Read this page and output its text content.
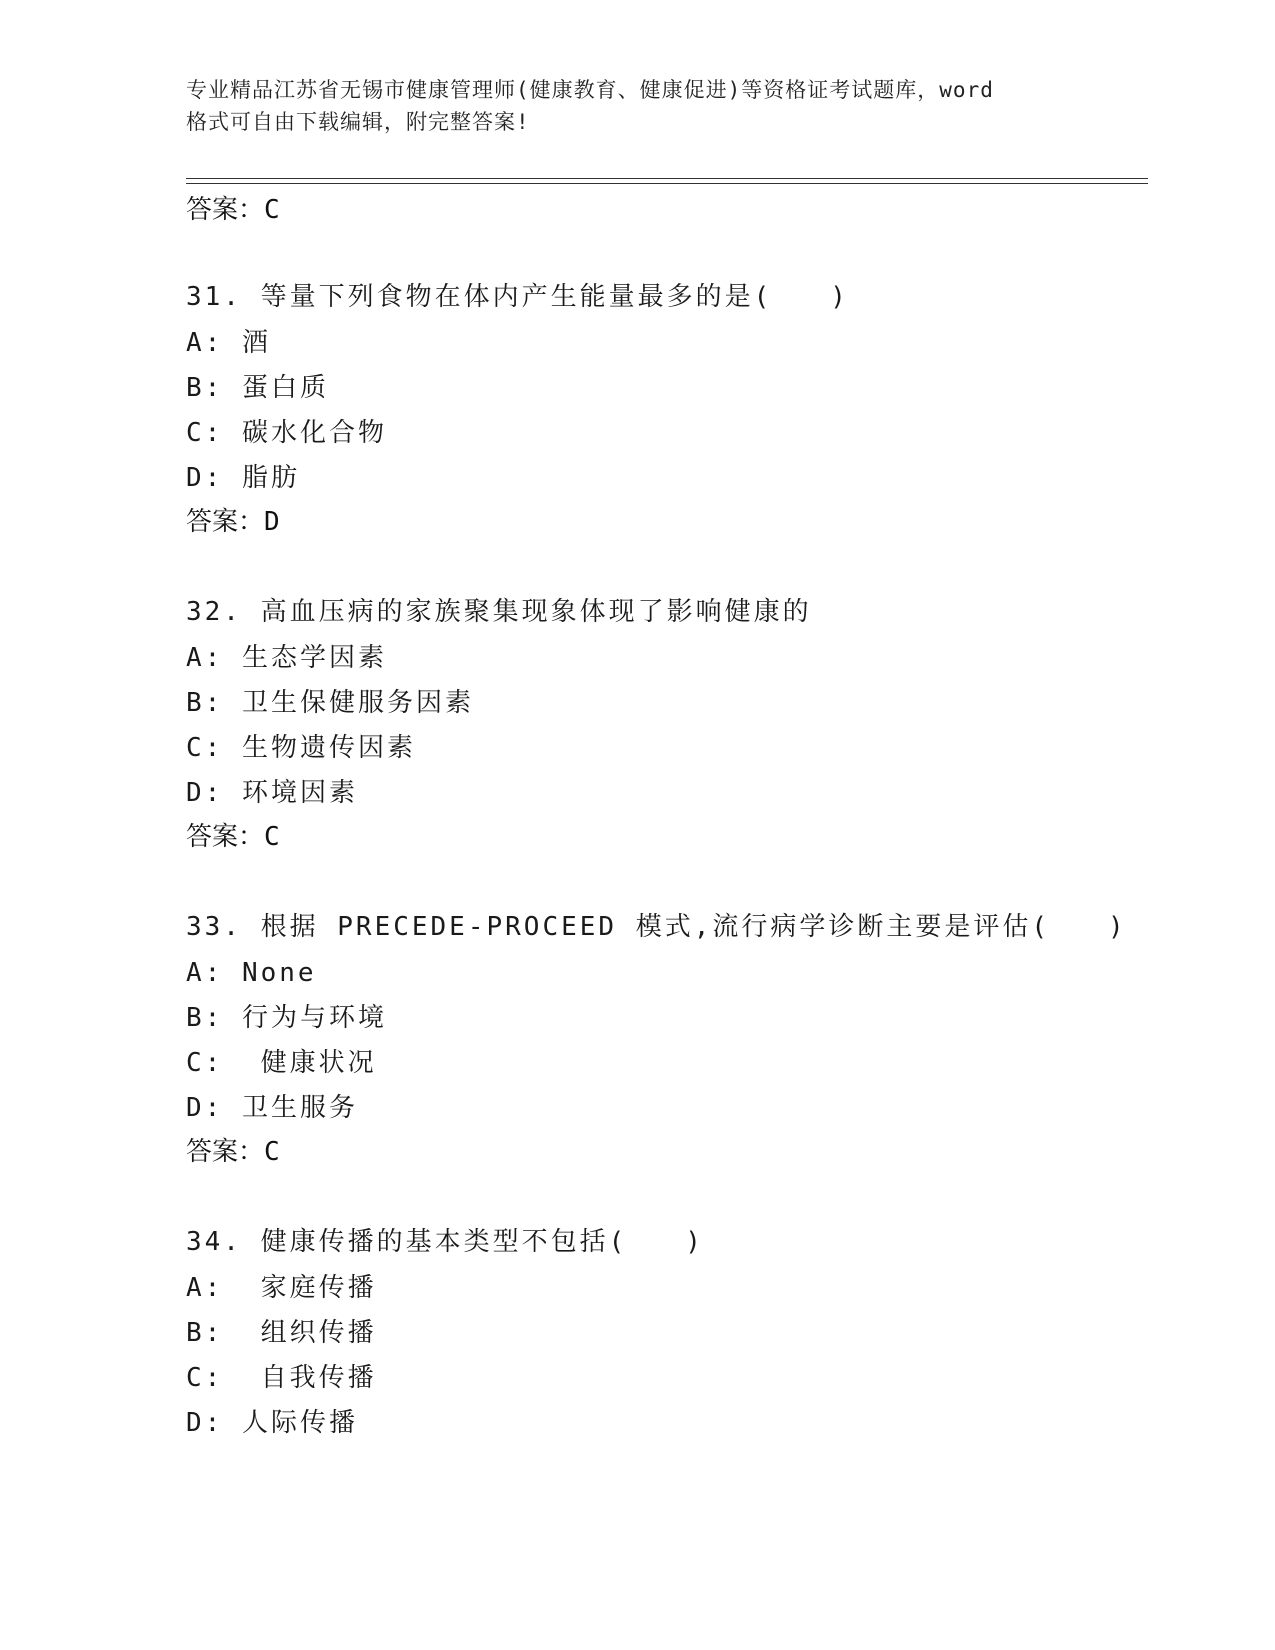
专业精品江苏省无锡市健康管理师(健康教育、健康促进)等资格证考试题库，word
格式可自由下载编辑，附完整答案!
答案：C
31. 等量下列食物在体内产生能量最多的是(　　)
A: 酒
B: 蛋白质
C: 碳水化合物
D: 脂肪
答案：D
32. 高血压病的家族聚集现象体现了影响健康的
A: 生态学因素
B: 卫生保健服务因素
C: 生物遗传因素
D: 环境因素
答案：C
33. 根据 PRECEDE-PROCEED 模式,流行病学诊断主要是评估(　　)
A: None
B: 行为与环境
C:  健康状况
D: 卫生服务
答案：C
34. 健康传播的基本类型不包括(　　)
A:  家庭传播
B:  组织传播
C:  自我传播
D: 人际传播
